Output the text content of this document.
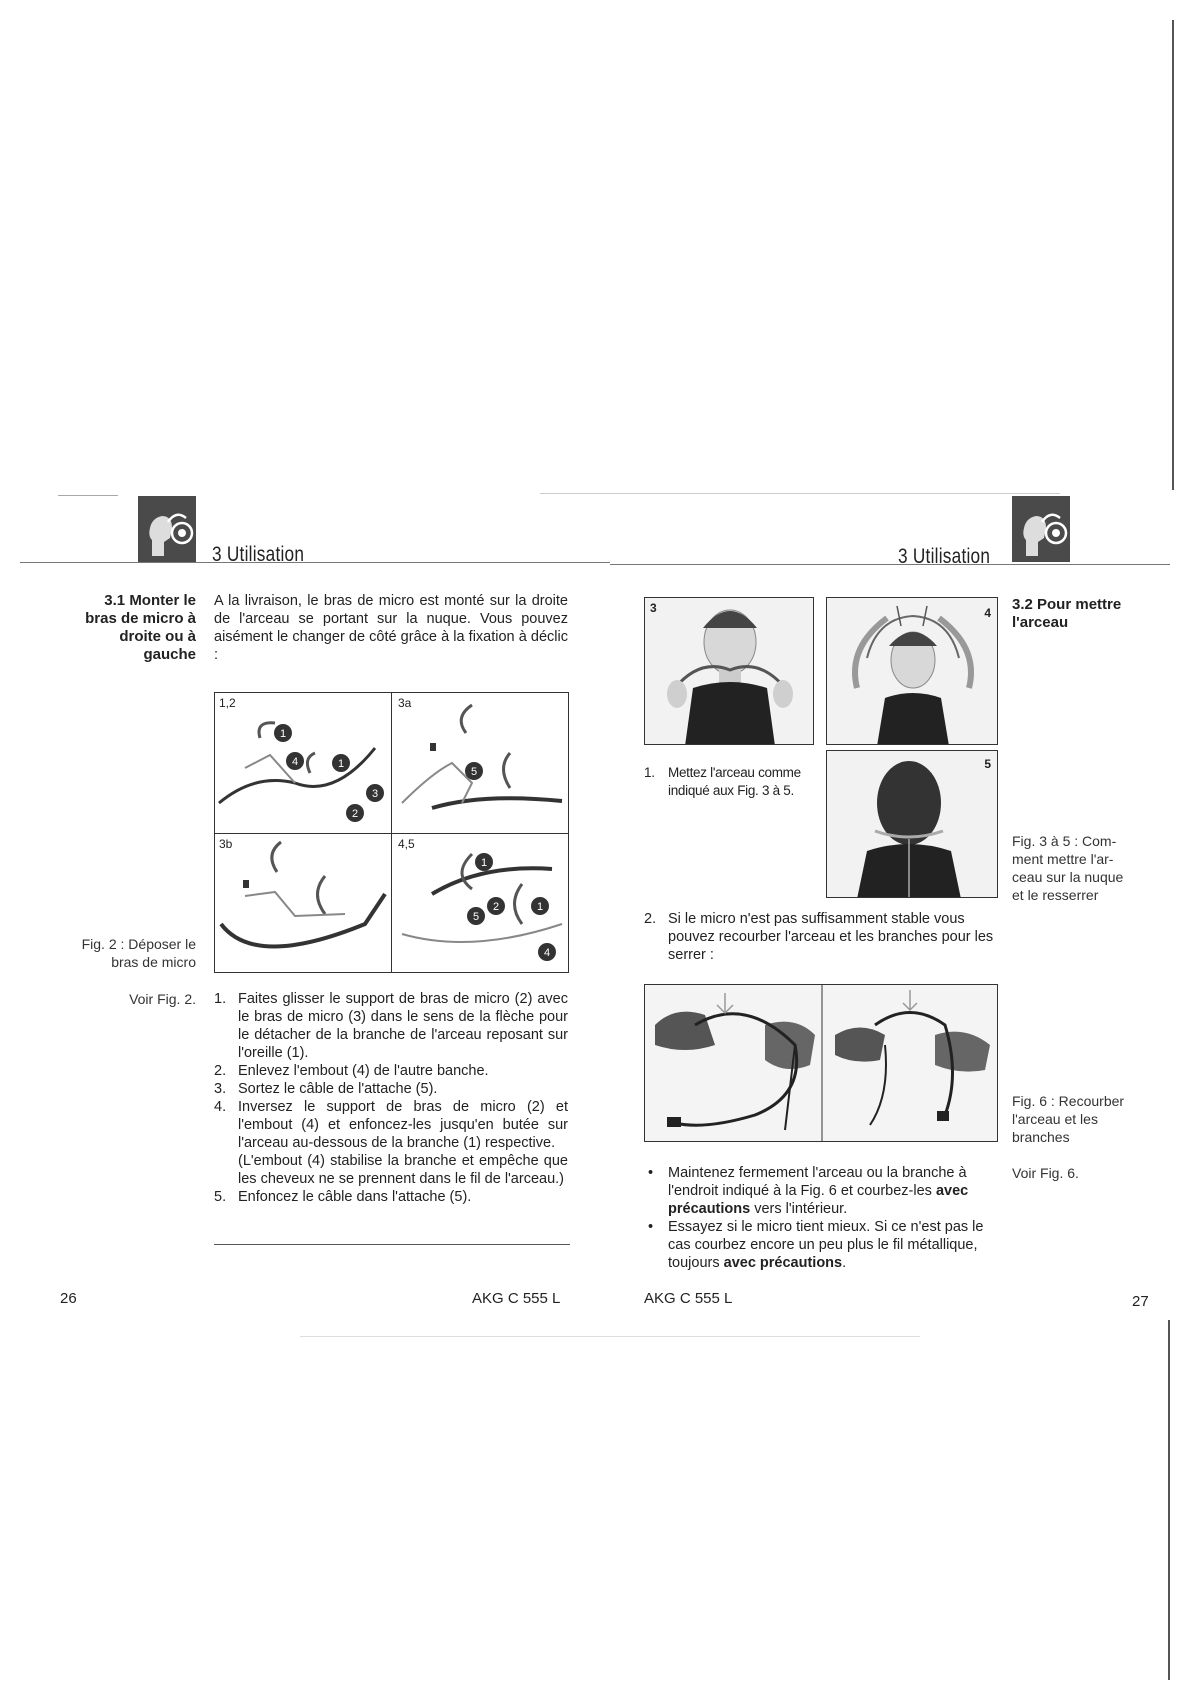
3 Utilisation	3 Utilisation
3.1 Monter le
bras de micro à
droite ou à
gauche
A la livraison, le bras de micro est monté sur la droite de l'arceau se portant sur la nuque. Vous pouvez aisément le changer de côté grâce à la fixation à déclic :
1,2
1
4	1
3
2
3a
5
3b	4,5
1
2
5
1
4
Fig. 2 : Déposer le bras de micro
Voir Fig. 2. 1. Faites glisser le support de bras de micro (2) avec le bras de micro (3) dans le sens de la flèche pour le détacher de la branche de l'arceau reposant sur l'oreille (1).
2. Enlevez l'embout (4) de l'autre banche.
3. Sortez le câble de l'attache (5).
4. Inversez le support de bras de micro (2) et l'embout (4) et enfoncez-les jusqu'en butée sur l'arceau au-dessous de la branche (1) respective.
(L'embout (4) stabilise la branche et empêche que les cheveux ne se prennent dans le fil de l'arceau.)
5. Enfoncez le câble dans l'attache (5).
26	AKG C 555 L
3	4 3.2 Pour mettre
l'arceau
1. Mettez l'arceau comme
indiqué aux Fig. 3 à 5.
5
Fig. 3 à 5 : Com-
ment mettre l'ar-
ceau sur la nuque
et le resserrer
2. Si le micro n'est pas suffisamment stable vous pouvez recourber l'arceau et les branches pour les serrer :
Fig. 6 : Recourber
l'arceau et les
branches
Voir Fig. 6.
•	Maintenez fermement l'arceau ou la branche à l'endroit indiqué à la Fig. 6 et courbez-les avec précautions vers l'intérieur.
•	Essayez si le micro tient mieux. Si ce n'est pas le cas courbez encore un peu plus le fil métallique, toujours avec précautions.
AKG C 555 L	27
